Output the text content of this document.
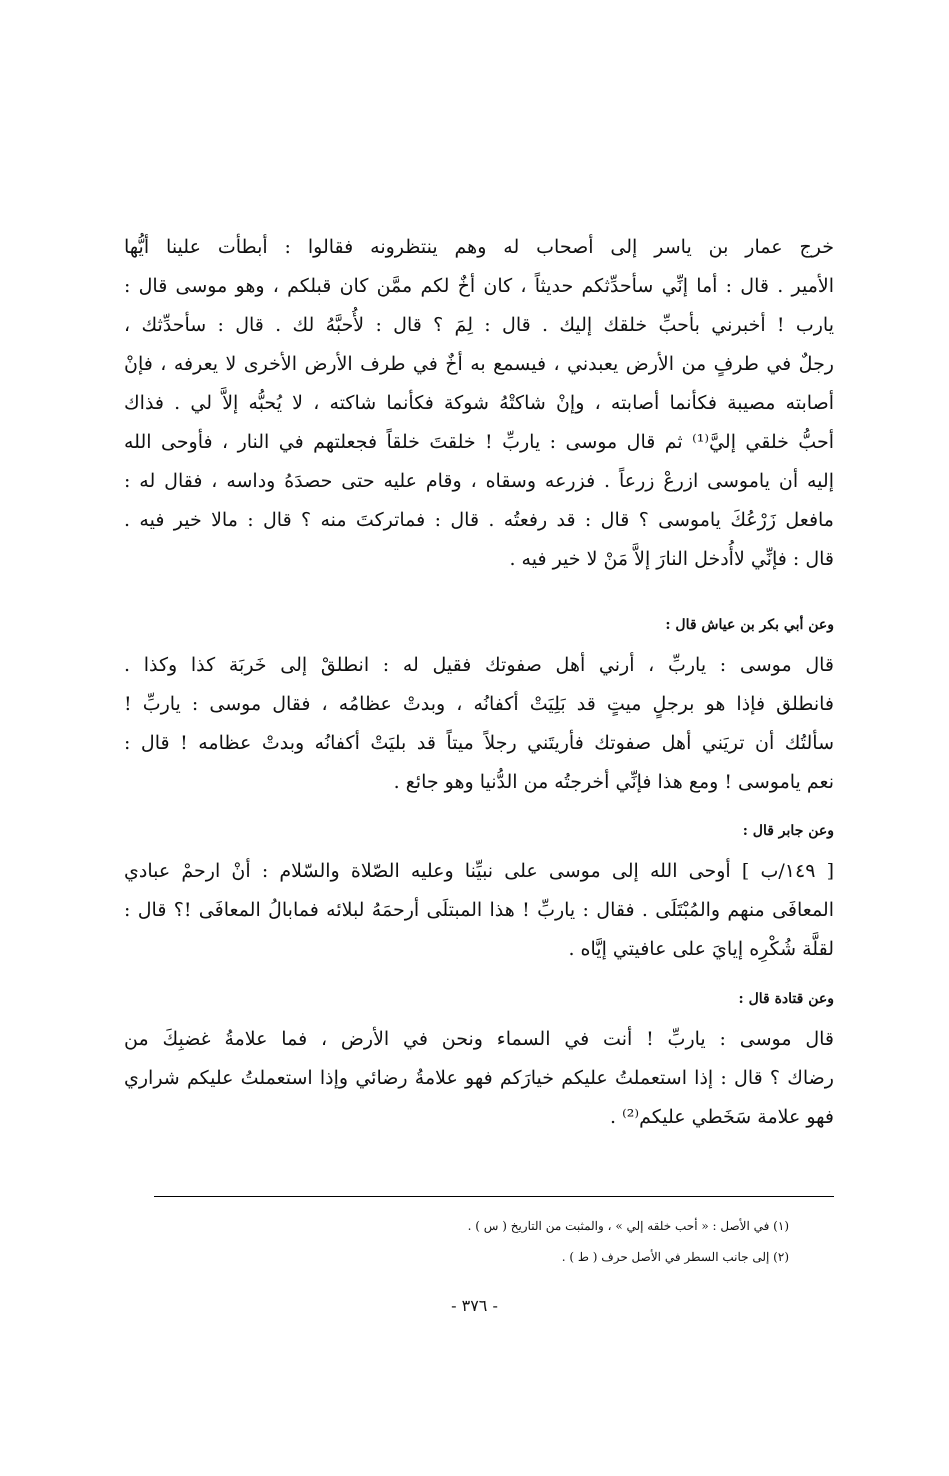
خرج عمار بن ياسر إلى أصحاب له وهم ينتظرونه فقالوا : أبطأت علينا أيُّها
الأمير . قال : أما إنِّي سأحدِّثكم حديثاً ، كان أخٌ لكم ممَّن كان قبلكم ، وهو موسى قال :
يارب ! أخبرني بأحبِّ خلقك إليك . قال : لِمَ ؟ قال : لأُحبَّهُ لك . قال : سأحدِّثك ،
رجلٌ في طرفٍ من الأرض يعبدني ، فيسمع به أخٌ في طرف الأرض الأخرى لا يعرفه ، فإنْ
أصابته مصيبة فكأنما أصابته ، وإنْ شاكتْهُ شوكة فكأنما شاكته ، لا يُحبُّه إلاَّ لي . فذاك
أحبُّ خلقي إليَّ⁽¹⁾ ثم قال موسى : ياربِّ ! خلقتَ خلقاً فجعلتهم في النار ، فأوحى الله
إليه أن ياموسى ازرعْ زرعاً . فزرعه وسقاه ، وقام عليه حتى حصدَهُ وداسه ، فقال له :
مافعل زَرْعُكَ ياموسى ؟ قال : قد رفعتُه . قال : فماتركتَ منه ؟ قال : مالا خير فيه .
قال : فإنِّي لاأُدخل النارَ إلاَّ مَنْ لا خير فيه .
وعن أبي بكر بن عياش قال :
قال موسى : ياربِّ ، أرني أهل صفوتك فقيل له : انطلقْ إلى خَربَة كذا وكذا .
فانطلق فإذا هو برجلٍ ميتٍ قد بَلِيَتْ أكفانُه ، وبدتْ عظامُه ، فقال موسى : ياربِّ !
سألتُك أن تريَني أهل صفوتك فأريتَني رجلاً ميتاً قد بليَتْ أكفانُه وبدتْ عظامه ! قال :
نعم ياموسى ! ومع هذا فإنِّي أخرجتُه من الدُّنيا وهو جائع .
وعن جابر قال :
[ ١٤٩/ب ] أوحى الله إلى موسى على نبيِّنا وعليه الصّلاة والسّلام : أنْ ارحمْ عبادي
المعافَى منهم والمُبْتَلَى . فقال : ياربِّ ! هذا المبتلَى أرحمَهُ لبلائه فمابالُ المعافَى !؟ قال :
لقلَّة شُكْرِه إيايَ على عافيتي إيَّاه .
وعن قتادة قال :
قال موسى : ياربِّ ! أنت في السماء ونحن في الأرض ، فما علامةُ غضبِكَ من
رضاك ؟ قال : إذا استعملتُ عليكم خيارَكم فهو علامةُ رضائي وإذا استعملتُ عليكم شراري
فهو علامة سَخَطي عليكم⁽²⁾ .
(١) في الأصل : « أحب خلقه إلي » ، والمثبت من التاريخ ( س ) .
(٢) إلى جانب السطر في الأصل حرف ( ط ) .
- ٣٧٦ -
